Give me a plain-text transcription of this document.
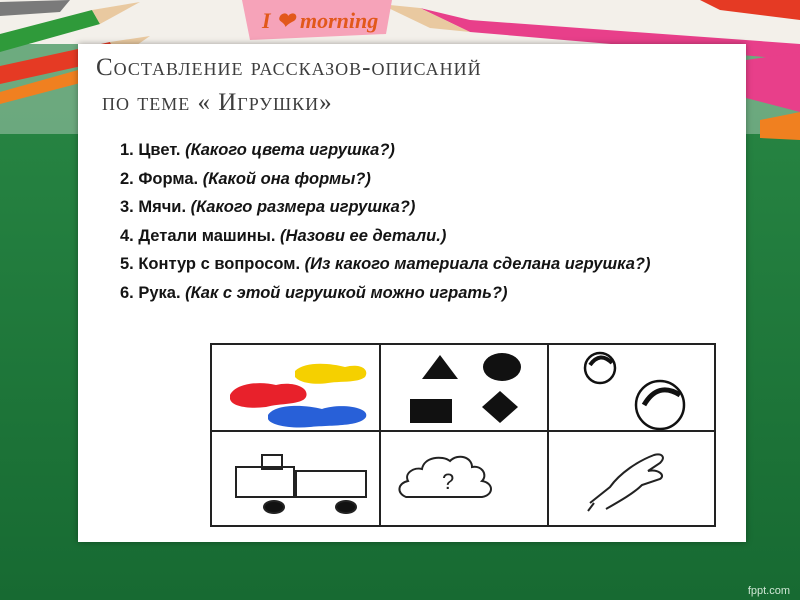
I ❤ morning
Составление рассказов-описаний
по теме « Игрушки»
1. Цвет. (Какого цвета игрушка?)
2. Форма. (Какой она формы?)
3. Мячи. (Какого размера игрушка?)
4. Детали машины. (Назови ее детали.)
5. Контур с вопросом. (Из какого материала сделана игрушка?)
6. Рука. (Как с этой игрушкой можно играть?)
?
fppt.com
